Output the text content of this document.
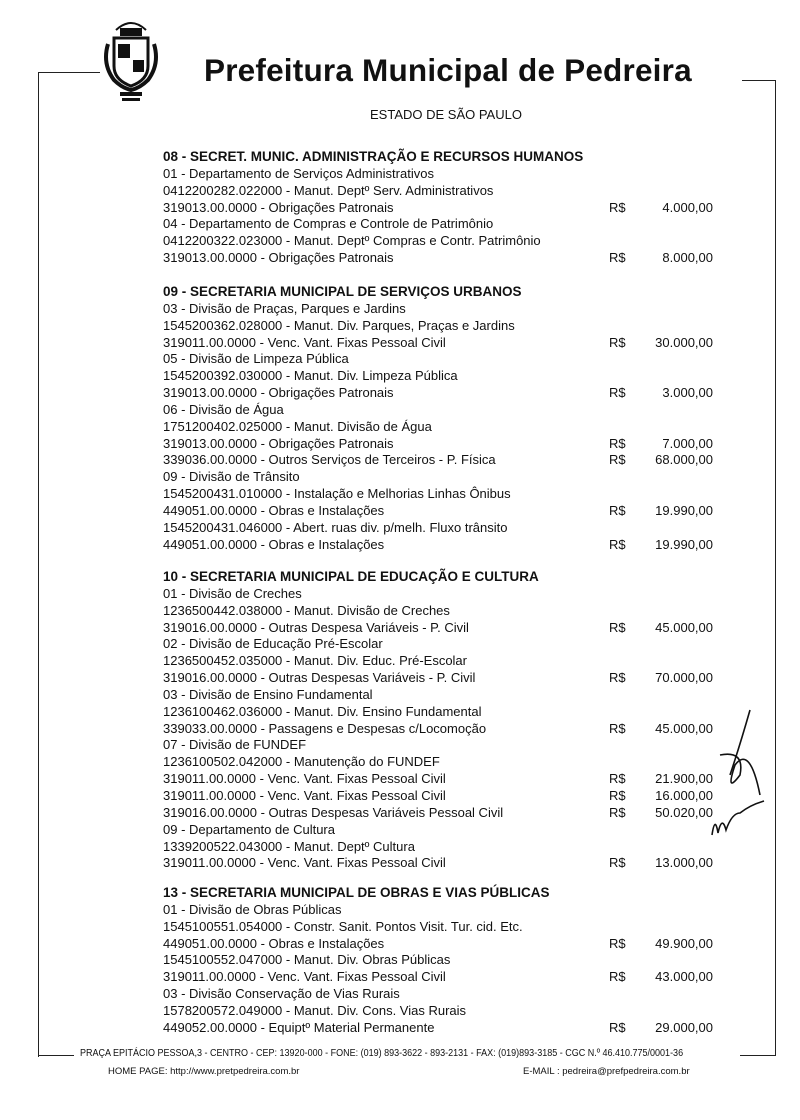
Prefeitura Municipal de Pedreira
ESTADO DE SÃO PAULO
08 - SECRET. MUNIC. ADMINISTRAÇÃO E RECURSOS HUMANOS
01 - Departamento de Serviços Administrativos
0412200282.022000 - Manut. Deptº Serv. Administrativos
319013.00.0000 - Obrigações Patronais	R$	4.000,00
04 - Departamento de Compras e Controle de Patrimônio
0412200322.023000 - Manut. Deptº Compras e Contr. Patrimônio
319013.00.0000 - Obrigações Patronais	R$	8.000,00
09 - SECRETARIA MUNICIPAL DE SERVIÇOS URBANOS
03 - Divisão de Praças, Parques e Jardins
1545200362.028000 - Manut. Div. Parques, Praças e Jardins
319011.00.0000 - Venc. Vant. Fixas Pessoal Civil	R$ 30.000,00
05 - Divisão de Limpeza Pública
1545200392.030000 - Manut. Div. Limpeza Pública
319013.00.0000 - Obrigações Patronais	R$	3.000,00
06 - Divisão de Água
1751200402.025000 - Manut. Divisão de Água
319013.00.0000 - Obrigações Patronais	R$	7.000,00
339036.00.0000 - Outros Serviços de Terceiros - P. Física	R$ 68.000,00
09 - Divisão de Trânsito
1545200431.010000 - Instalação e Melhorias Linhas Ônibus
449051.00.0000 - Obras e Instalações	R$ 19.990,00
1545200431.046000 - Abert. ruas div. p/melh. Fluxo trânsito
449051.00.0000 - Obras e Instalações	R$ 19.990,00
10 - SECRETARIA MUNICIPAL DE EDUCAÇÃO E CULTURA
01 - Divisão de Creches
1236500442.038000 - Manut. Divisão de Creches
319016.00.0000 - Outras Despesa Variáveis - P. Civil	R$ 45.000,00
02 - Divisão de Educação Pré-Escolar
1236500452.035000 - Manut. Div. Educ. Pré-Escolar
319016.00.0000 - Outras Despesas Variáveis - P. Civil	R$ 70.000,00
03 - Divisão de Ensino Fundamental
1236100462.036000 - Manut. Div. Ensino Fundamental
339033.00.0000 - Passagens e Despesas c/Locomoção	R$ 45.000,00
07 - Divisão de FUNDEF
1236100502.042000 - Manutenção do FUNDEF
319011.00.0000 - Venc. Vant. Fixas Pessoal Civil	R$ 21.900,00
319011.00.0000 - Venc. Vant. Fixas Pessoal Civil	R$ 16.000,00
319016.00.0000 - Outras Despesas Variáveis Pessoal Civil	R$ 50.020,00
09 - Departamento de Cultura
1339200522.043000 - Manut. Deptº Cultura
319011.00.0000 - Venc. Vant. Fixas Pessoal Civil	R$ 13.000,00
13 - SECRETARIA MUNICIPAL DE OBRAS E VIAS PÚBLICAS
01 - Divisão de Obras Públicas
1545100551.054000 - Constr. Sanit. Pontos Visit. Tur. cid. Etc.
449051.00.0000 - Obras e Instalações	R$ 49.900,00
1545100552.047000 - Manut. Div. Obras Públicas
319011.00.0000 - Venc. Vant. Fixas Pessoal Civil	R$ 43.000,00
03 - Divisão Conservação de Vias Rurais
1578200572.049000 - Manut. Div. Cons. Vias Rurais
449052.00.0000 - Equiptº Material Permanente	R$ 29.000,00
PRAÇA EPITÁCIO PESSOA,3 - CENTRO - CEP: 13920-000 - FONE: (019) 893-3622 - 893-2131 - FAX: (019)893-3185 - CGC N.º 46.410.775/0001-36
HOME PAGE: http://www.pretpedreira.com.br	E-MAIL : pedreira@prefpedreira.com.br
